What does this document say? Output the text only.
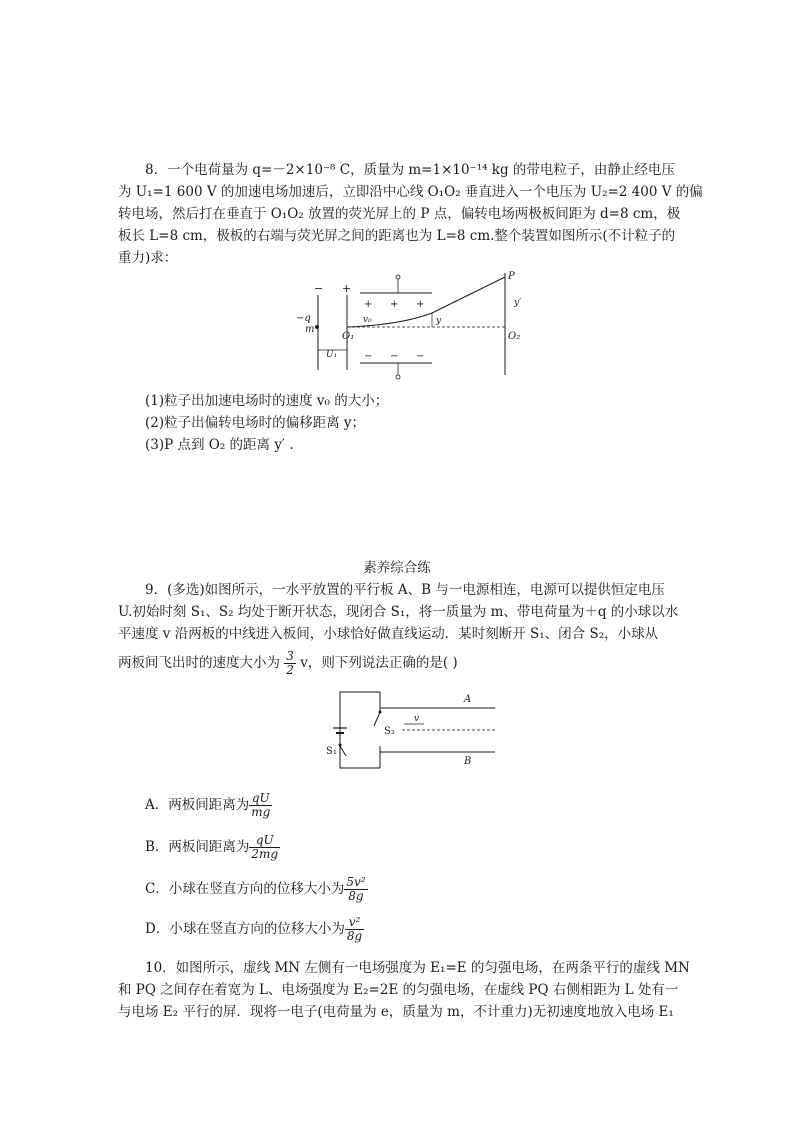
8．一个电荷量为 q=－2×10⁻⁸ C，质量为 m=1×10⁻¹⁴ kg 的带电粒子，由静止经电压
为 U₁=1 600 V 的加速电场加速后，立即沿中心线 O₁O₂ 垂直进入一个电压为 U₂=2 400 V 的偏
转电场，然后打在垂直于 O₁O₂ 放置的荧光屏上的 P 点，偏转电场两极板间距为 d=8 cm，极
板长 L=8 cm，极板的右端与荧光屏之间的距离也为 L=8 cm.整个装置如图所示(不计粒子的
重力)求：
− +
−q
m
U₁
+ + +
− − −
O₁
v₀	y
P
y′
O₂
(1)粒子出加速电场时的速度 v₀ 的大小；
(2)粒子出偏转电场时的偏移距离 y；
(3)P 点到 O₂ 的距离 y′ .
素养综合练
9．(多选)如图所示，一水平放置的平行板 A、B 与一电源相连，电源可以提供恒定电压
U.初始时刻 S₁、S₂ 均处于断开状态，现闭合 S₁，将一质量为 m、带电荷量为＋q 的小球以水
平速度 v 沿两板的中线进入板间，小球恰好做直线运动．某时刻断开 S₁、闭合 S₂，小球从
两板间飞出时的速度大小为 $\frac{3}{2}$ v，则下列说法正确的是( )
S₁
S₂
A
B
v
A．两板间距离为 $\frac{qU}{mg}$
B．两板间距离为 $\frac{qU}{2mg}$
C．小球在竖直方向的位移大小为 $\frac{\text{5v²}}{8g}$
D．小球在竖直方向的位移大小为 $\frac{\text{v²}}{8g}$
10．如图所示，虚线 MN 左侧有一电场强度为 E₁=E 的匀强电场，在两条平行的虚线 MN
和 PQ 之间存在着宽为 L、电场强度为 E₂=2E 的匀强电场，在虚线 PQ 右侧相距为 L 处有一
与电场 E₂ 平行的屏．现将一电子(电荷量为 e，质量为 m，不计重力)无初速度地放入电场 E₁
